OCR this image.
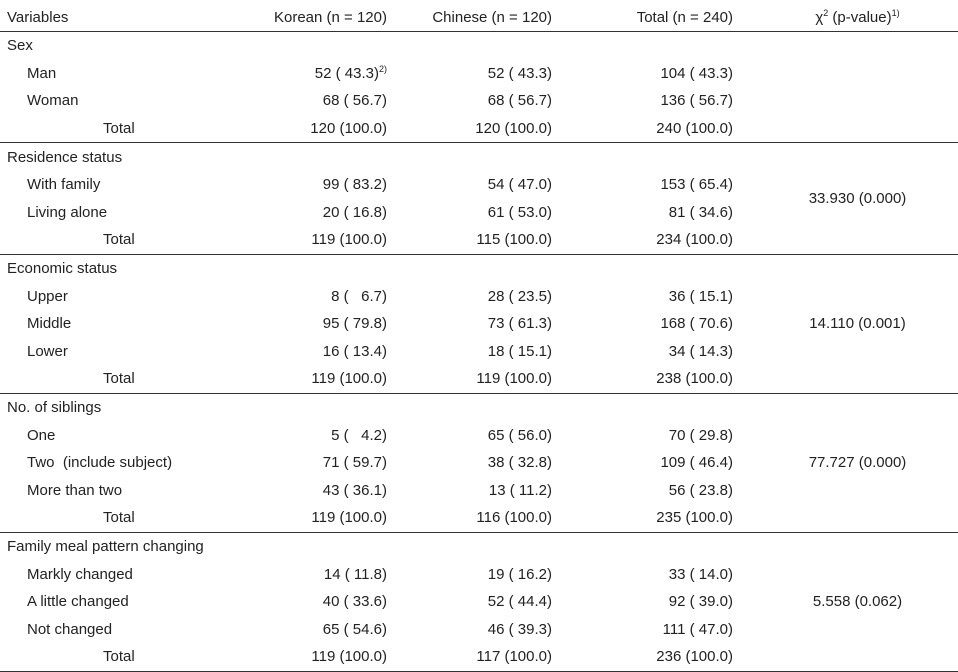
Variables	Korean (n = 120)	Chinese (n = 120)	Total (n = 240)	$\chi^2$ (p-value)$^{1)}$
Sex				
Man	52 ( 43.3)$^{2)}$	52 ( 43.3)	104 ( 43.3)	
Woman	68 ( 56.7)	68 ( 56.7)	136 ( 56.7)	
Total	120 (100.0)	120 (100.0)	240 (100.0)	
Residence status				33.930 (0.000)
With family	99 ( 83.2)	54 ( 47.0)	153 ( 65.4)	
Living alone	20 ( 16.8)	61 ( 53.0)	81 ( 34.6)	
Total	119 (100.0)	115 (100.0)	234 (100.0)	
Economic status				14.110 (0.001)
Upper	8 (   6.7)	28 ( 23.5)	36 ( 15.1)	
Middle	95 ( 79.8)	73 ( 61.3)	168 ( 70.6)	
Lower	16 ( 13.4)	18 ( 15.1)	34 ( 14.3)	
Total	119 (100.0)	119 (100.0)	238 (100.0)	
No. of siblings				77.727 (0.000)
One	5 (   4.2)	65 ( 56.0)	70 ( 29.8)	
Two  (include subject)	71 ( 59.7)	38 ( 32.8)	109 ( 46.4)	
More than two	43 ( 36.1)	13 ( 11.2)	56 ( 23.8)	
Total	119 (100.0)	116 (100.0)	235 (100.0)	
Family meal pattern changing				5.558 (0.062)
Markly changed	14 ( 11.8)	19 ( 16.2)	33 ( 14.0)	
A little changed	40 ( 33.6)	52 ( 44.4)	92 ( 39.0)	
Not changed	65 ( 54.6)	46 ( 39.3)	111 ( 47.0)	
Total	119 (100.0)	117 (100.0)	236 (100.0)	
